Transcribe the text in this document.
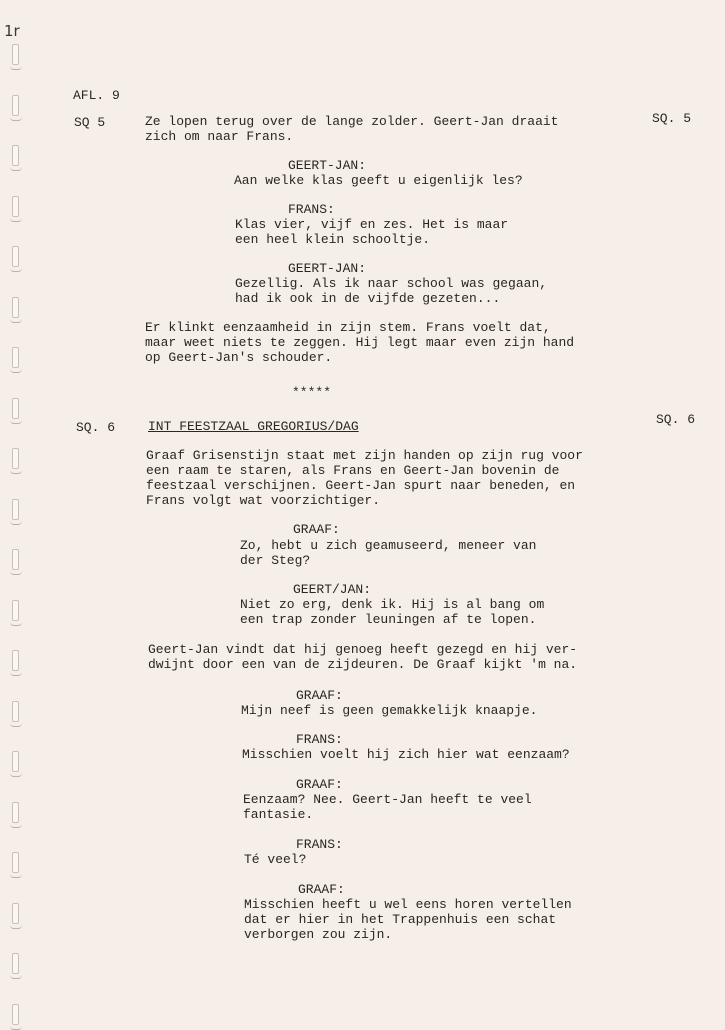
1r
AFL. 9
SQ 5	SQ. 5
Ze lopen terug over de lange zolder. Geert-Jan draait
zich om naar Frans.
GEERT-JAN:
Aan welke klas geeft u eigenlijk les?
FRANS:
Klas vier, vijf en zes. Het is maar
een heel klein schooltje.
GEERT-JAN:
Gezellig. Als ik naar school was gegaan,
had ik ook in de vijfde gezeten...
Er klinkt eenzaamheid in zijn stem. Frans voelt dat,
maar weet niets te zeggen. Hij legt maar even zijn hand
op Geert-Jan's schouder.
*****
SQ. 6
SQ. 6
INT FEESTZAAL GREGORIUS/DAG
Graaf Grisenstijn staat met zijn handen op zijn rug voor
een raam te staren, als Frans en Geert-Jan bovenin de
feestzaal verschijnen. Geert-Jan spurt naar beneden, en
Frans volgt wat voorzichtiger.
GRAAF:
Zo, hebt u zich geamuseerd, meneer van
der Steg?
GEERT/JAN:
Niet zo erg, denk ik. Hij is al bang om
een trap zonder leuningen af te lopen.
Geert-Jan vindt dat hij genoeg heeft gezegd en hij ver-
dwijnt door een van de zijdeuren. De Graaf kijkt 'm na.
GRAAF:
Mijn neef is geen gemakkelijk knaapje.
FRANS:
Misschien voelt hij zich hier wat eenzaam?
GRAAF:
Eenzaam? Nee. Geert-Jan heeft te veel
fantasie.
FRANS:
Té veel?
GRAAF:
Misschien heeft u wel eens horen vertellen
dat er hier in het Trappenhuis een schat
verborgen zou zijn.
